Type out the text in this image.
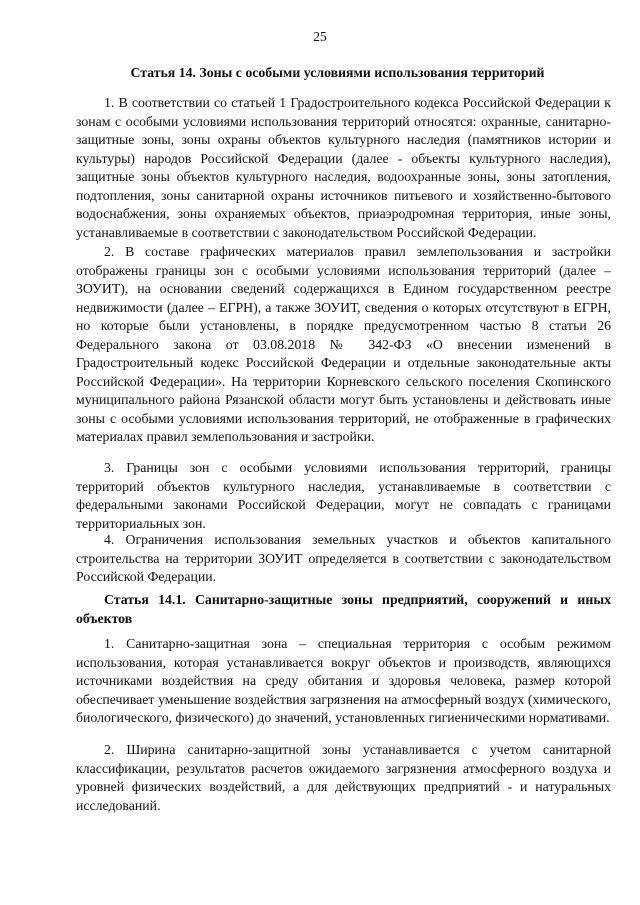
25
Статья 14. Зоны с особыми условиями использования территорий

1. В соответствии со статьей 1 Градостроительного кодекса Российской Федерации к зонам с особыми условиями использования территорий относятся: охранные, санитарно-защитные зоны, зоны охраны объектов культурного наследия (памятников истории и культуры) народов Российской Федерации (далее - объекты культурного наследия), защитные зоны объектов культурного наследия, водоохранные зоны, зоны затопления, подтопления, зоны санитарной охраны источников питьевого и хозяйственно-бытового водоснабжения, зоны охраняемых объектов, приаэродромная территория, иные зоны, устанавливаемые в соответствии с законодательством Российской Федерации.

2. В составе графических материалов правил землепользования и застройки отображены границы зон с особыми условиями использования территорий (далее – ЗОУИТ), на основании сведений содержащихся в Едином государственном реестре недвижимости (далее – ЕГРН), а также ЗОУИТ, сведения о которых отсутствуют в ЕГРН, но которые были установлены, в порядке предусмотренном частью 8 статьи 26 Федерального закона от 03.08.2018 № 342-ФЗ «О внесении изменений в Градостроительный кодекс Российской Федерации и отдельные законодательные акты Российской Федерации». На территории Корневского сельского поселения Скопинского муниципального района Рязанской области могут быть установлены и действовать иные зоны с особыми условиями использования территорий, не отображенные в графических материалах правил землепользования и застройки.

3. Границы зон с особыми условиями использования территорий, границы территорий объектов культурного наследия, устанавливаемые в соответствии с федеральными законами Российской Федерации, могут не совпадать с границами территориальных зон.

4. Ограничения использования земельных участков и объектов капитального строительства на территории ЗОУИТ определяется в соответствии с законодательством Российской Федерации.

Статья 14.1. Санитарно-защитные зоны предприятий, сооружений и иных объектов

1. Санитарно-защитная зона – специальная территория с особым режимом использования, которая устанавливается вокруг объектов и производств, являющихся источниками воздействия на среду обитания и здоровья человека, размер которой обеспечивает уменьшение воздействия загрязнения на атмосферный воздух (химического, биологического, физического) до значений, установленных гигиеническими нормативами.

2. Ширина санитарно-защитной зоны устанавливается с учетом санитарной классификации, результатов расчетов ожидаемого загрязнения атмосферного воздуха и уровней физических воздействий, а для действующих предприятий - и натуральных исследований.
